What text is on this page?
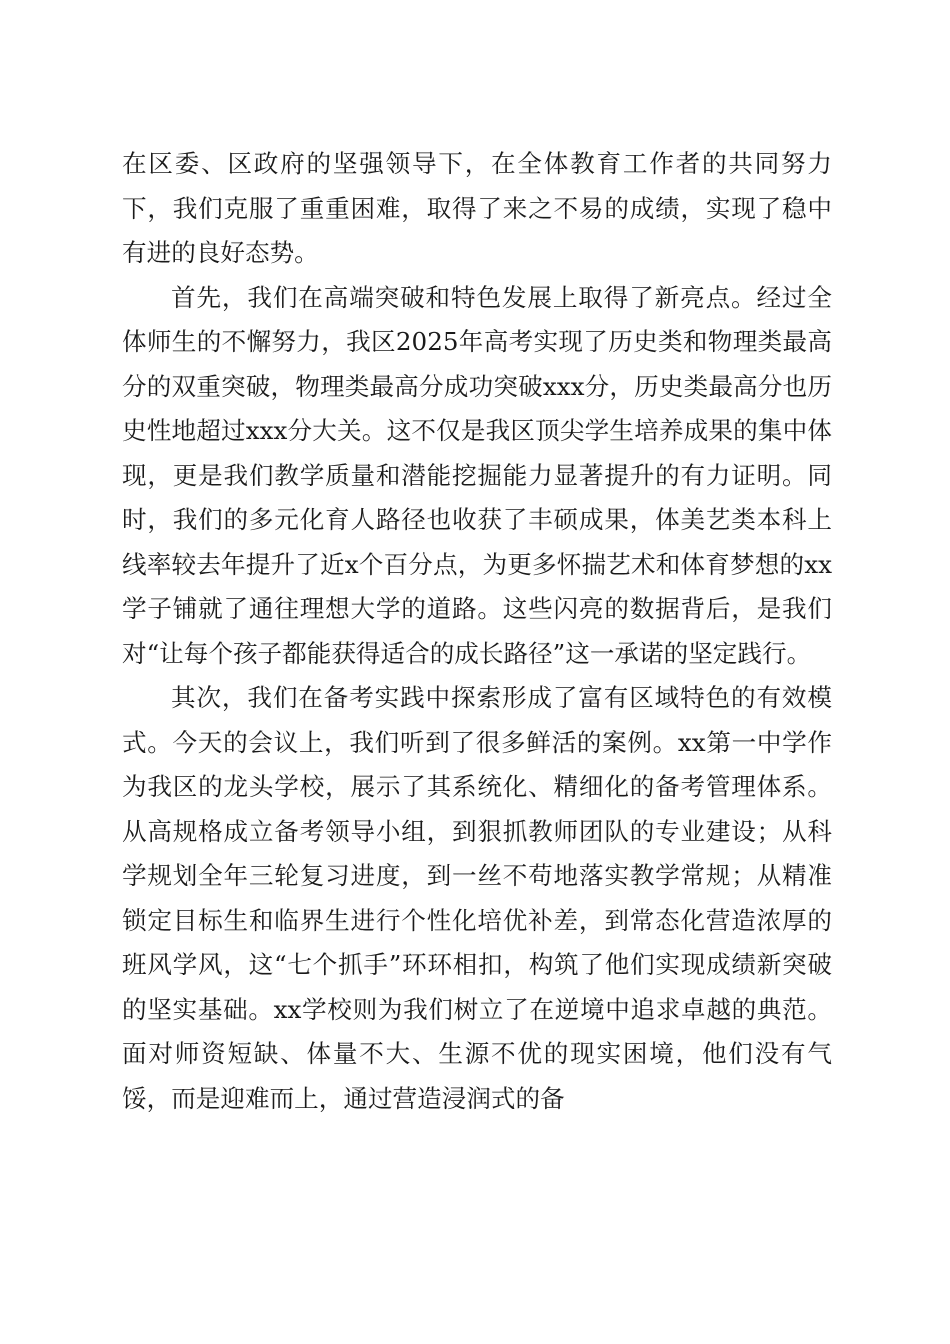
在区委、区政府的坚强领导下，在全体教育工作者的共同努力下，我们克服了重重困难，取得了来之不易的成绩，实现了稳中有进的良好态势。

首先，我们在高端突破和特色发展上取得了新亮点。经过全体师生的不懈努力，我区2025年高考实现了历史类和物理类最高分的双重突破，物理类最高分成功突破xxx分，历史类最高分也历史性地超过xxx分大关。这不仅是我区顶尖学生培养成果的集中体现，更是我们教学质量和潜能挖掘能力显著提升的有力证明。同时，我们的多元化育人路径也收获了丰硕成果，体美艺类本科上线率较去年提升了近x个百分点，为更多怀揣艺术和体育梦想的xx学子铺就了通往理想大学的道路。这些闪亮的数据背后，是我们对“让每个孩子都能获得适合的成长路径”这一承诺的坚定践行。

其次，我们在备考实践中探索形成了富有区域特色的有效模式。今天的会议上，我们听到了很多鲜活的案例。xx第一中学作为我区的龙头学校，展示了其系统化、精细化的备考管理体系。从高规格成立备考领导小组，到狠抓教师团队的专业建设；从科学规划全年三轮复习进度，到一丝不苟地落实教学常规；从精准锁定目标生和临界生进行个性化培优补差，到常态化营造浓厚的班风学风，这“七个抓手”环环相扣，构筑了他们实现成绩新突破的坚实基础。xx学校则为我们树立了在逆境中追求卓越的典范。面对师资短缺、体量不大、生源不优的现实困境，他们没有气馁，而是迎难而上，通过营造浸润式的备
